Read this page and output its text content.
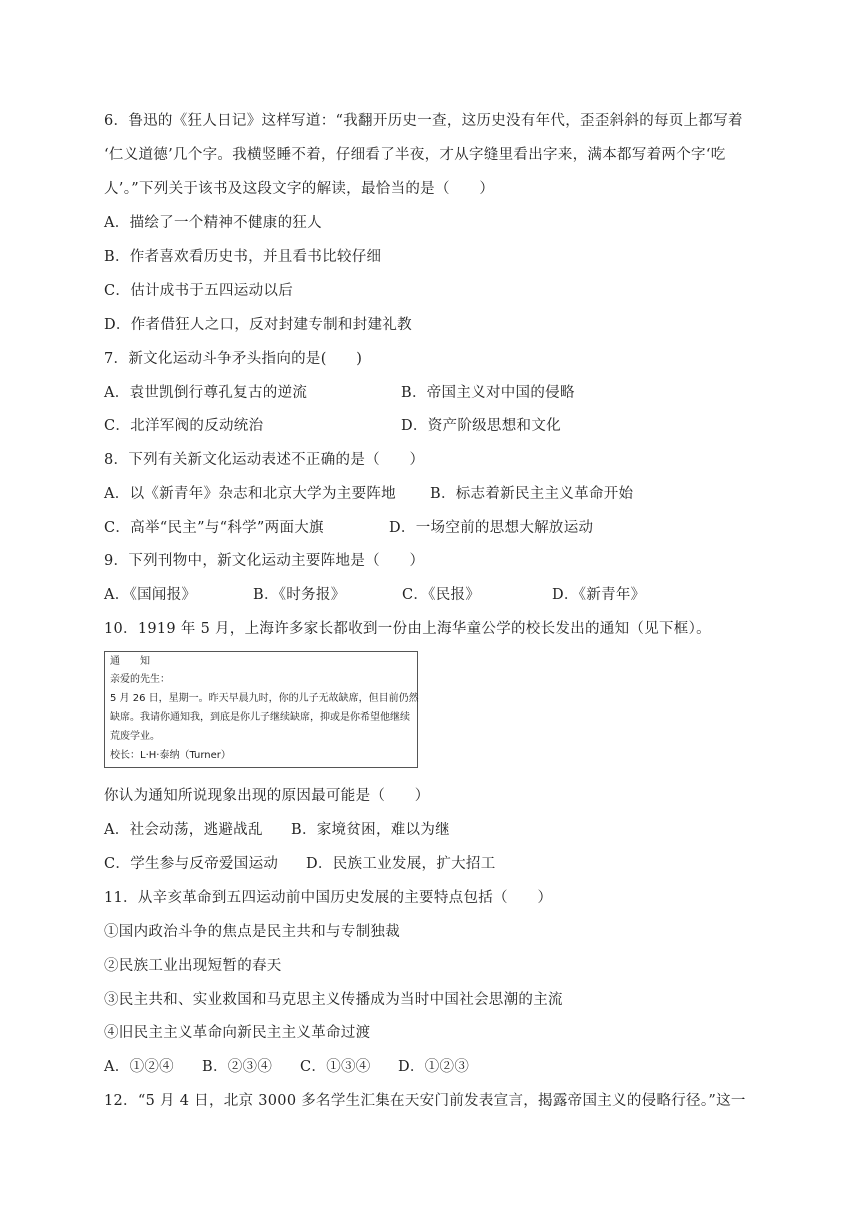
6．鲁迅的《狂人日记》这样写道：“我翻开历史一查，这历史没有年代，歪歪斜斜的每页上都写着
‘仁义道德’几个字。我横竖睡不着，仔细看了半夜，才从字缝里看出字来，满本都写着两个字‘吃
人’。”下列关于该书及这段文字的解读，最恰当的是（　　）
A．描绘了一个精神不健康的狂人
B．作者喜欢看历史书，并且看书比较仔细
C．估计成书于五四运动以后
D．作者借狂人之口，反对封建专制和封建礼教
7．新文化运动斗争矛头指向的是(　　)
A．袁世凯倒行尊孔复古的逆流	B．帝国主义对中国的侵略
C．北洋军阀的反动统治	D．资产阶级思想和文化
8．下列有关新文化运动表述不正确的是（　　）
A．以《新青年》杂志和北京大学为主要阵地 B．标志着新民主主义革命开始
C．高举“民主”与“科学”两面大旗	D．一场空前的思想大解放运动
9．下列刊物中，新文化运动主要阵地是（　　）
A．《国闻报》	B．《时务报》	C．《民报》	D．《新青年》
10．1919 年 5 月，上海许多家长都收到一份由上海华童公学的校长发出的通知（见下框）。
通　　知
亲爱的先生：
5 月 26 日，星期一。昨天早晨九时，你的儿子无故缺席，但目前仍然
缺席。我请你通知我，到底是你儿子继续缺席，抑或是你希望他继续
荒废学业。
校长：L·H·泰纳（Turner）
你认为通知所说现象出现的原因最可能是（　　）
A．社会动荡，逃避战乱 B．家境贫困，难以为继
C．学生参与反帝爱国运动 D．民族工业发展，扩大招工
11．从辛亥革命到五四运动前中国历史发展的主要特点包括（　　）
①国内政治斗争的焦点是民主共和与专制独裁
②民族工业出现短暂的春天
③民主共和、实业救国和马克思主义传播成为当时中国社会思潮的主流
④旧民主主义革命向新民主主义革命过渡
A．①②④ B．②③④ C．①③④ D．①②③
12．“5 月 4 日，北京 3000 多名学生汇集在天安门前发表宣言，揭露帝国主义的侵略行径。”这一
